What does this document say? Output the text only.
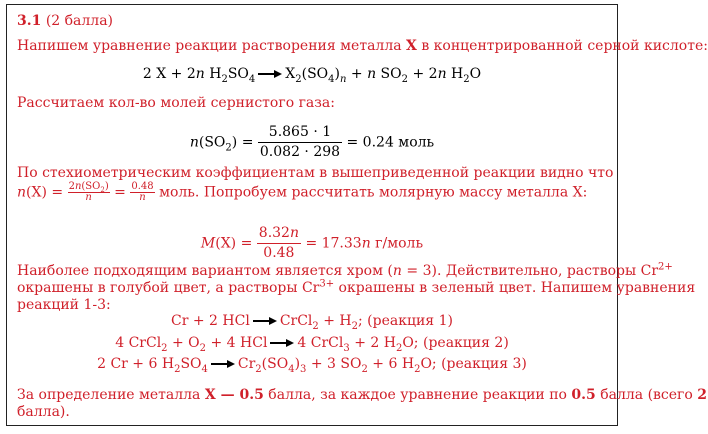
3.1 (2 балла)
Напишем уравнение реакции растворения металла X в концентрированной серной кислоте:
2 X + 2n $H_2SO_4$ $X_2(SO_4)_n + n$ $SO_2 + 2n$ $H_2O$
Рассчитаем кол-во молей сернистого газа:
$n(SO_2) = \frac{5.865 \cdot 1}{0.082 \cdot 298} = 0.24$ моль
По стехиометрическим коэффициентам в вышеприведенной реакции видно что
$n(X) = \frac{2n(SO_2)}{n} = \frac{0.48}{n}$ моль. Попробуем рассчитать молярную массу металла X:
$M(X) = \frac{8.32n}{0.48} = 17.33n$ г/моль
Наиболее подходящим вариантом является хром (n = 3). Действительно, растворы $Cr^{2+}$
окрашены в голубой цвет, а растворы $Cr^{3+}$ окрашены в зеленый цвет. Напишем уравнения
реакций 1-3:
Cr + 2 HCl CrCl$_2$ + $H_2$; (реакция 1)
4 CrCl$_2$ + $O_2 + 4$ HCl 4 CrCl$_3$ + 2 $H_2O$; (реакция 2)
2 Cr + 6 $H_2SO_4$ $Cr_2(SO_4)_3 + 3$ $SO_2 + 6$ $H_2O$; (реакция 3)
За определение металла X — 0.5 балла, за каждое уравнение реакции по 0.5 балла (всего 2
балла).
